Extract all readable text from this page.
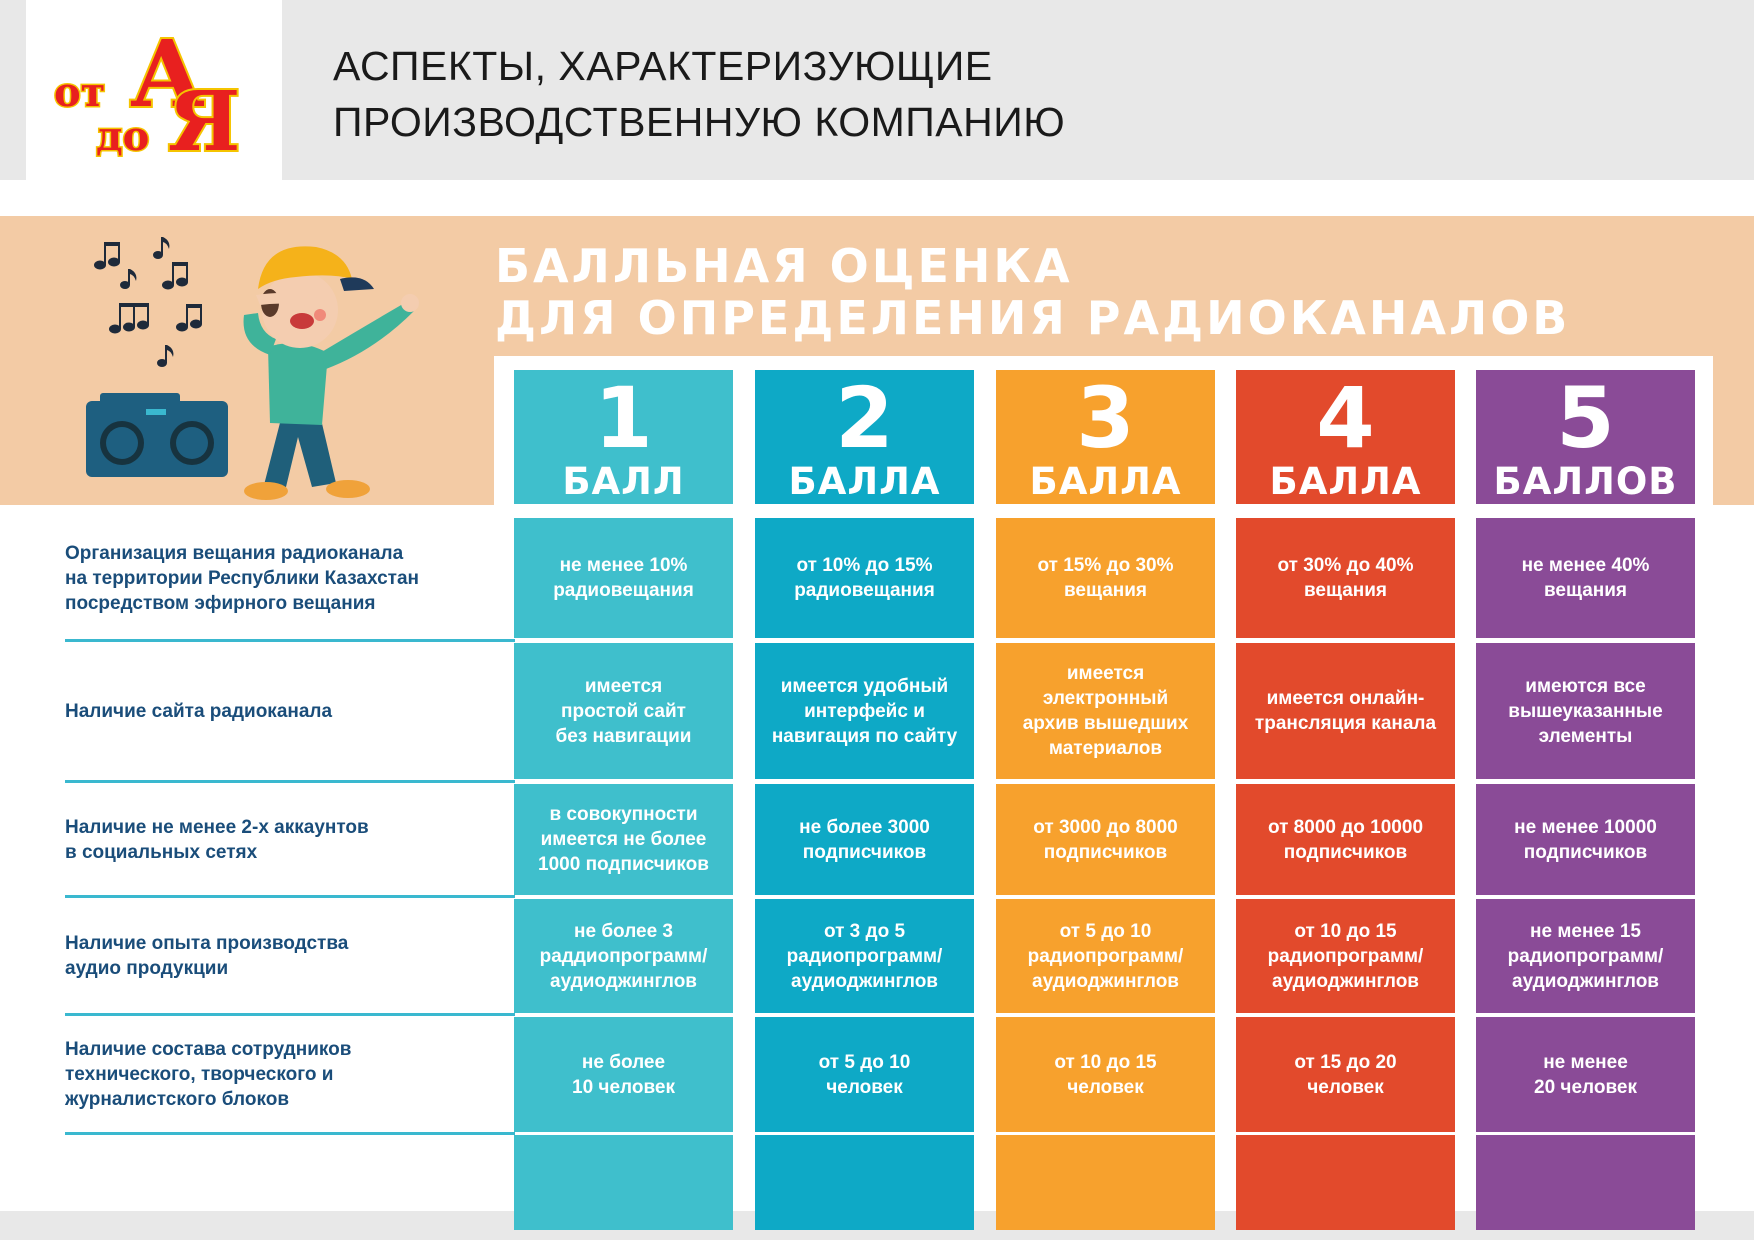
от А
до Я
АСПЕКТЫ, ХАРАКТЕРИЗУЮЩИЕ
ПРОИЗВОДСТВЕННУЮ КОМПАНИЮ
БАЛЛЬНАЯ ОЦЕНКА
ДЛЯ ОПРЕДЕЛЕНИЯ РАДИОКАНАЛОВ
1
БАЛЛ
2
БАЛЛА
3
БАЛЛА
4
БАЛЛА
5
БАЛЛОВ
Организация вещания радиоканала
на территории Республики Казахстан
посредством эфирного вещания
Наличие сайта радиоканала
Наличие не менее 2-х аккаунтов
в социальных сетях
Наличие опыта производства
аудио продукции
Наличие состава сотрудников
технического, творческого и
журналистского блоков
не менее 10%
радиовещания
имеется
простой сайт
без навигации
в совокупности
имеется не более
1000 подписчиков
не более 3
раддиопрограмм/
аудиоджинглов
не более
10 человек
от 10% до 15%
радиовещания
имеется удобный
интерфейс и
навигация по сайту
не более 3000
подписчиков
от 3 до 5
радиопрограмм/
аудиоджинглов
от 5 до 10
человек
от 15% до 30%
вещания
имеется
электронный
архив вышедших
материалов
от 3000 до 8000
подписчиков
от 5 до 10
радиопрограмм/
аудиоджинглов
от 10 до 15
человек
от 30% до 40%
вещания
имеется онлайн-
трансляция канала
от 8000 до 10000
подписчиков
от 10 до 15
радиопрограмм/
аудиоджинглов
от 15 до 20
человек
не менее 40%
вещания
имеются все
вышеуказанные
элементы
не менее 10000
подписчиков
не менее 15
радиопрограмм/
аудиоджинглов
не менее
20 человек
